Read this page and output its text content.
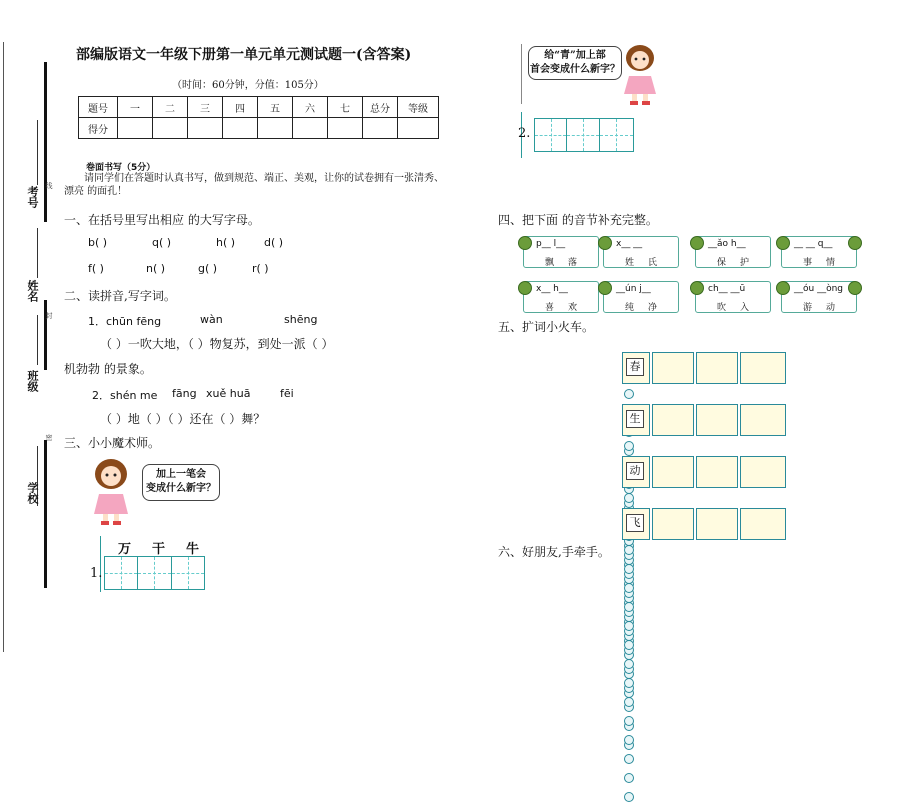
考号
姓名
班级
学校
线
封
密
部编版语文一年级下册第一单元单元测试题一(含答案)
（时间：60分钟，分值：105分）
题号	一	二	三	四	五	六	七	总分	等级
得分									
卷面书写（5分）
请同学们在答题时认真书写，做到规范、端正、美观，让你的试卷拥有一张清秀、漂亮 的面孔！
一、在括号里写出相应 的大写字母。
b( )	q( )	h( )	d( )
f( )	n( )	g( )	r( )
二、读拼音,写字词。
1．chūn fēng	wàn	shēng
（ ）一吹大地，（ ）物复苏，到处一派（ ）
机勃勃 的景象。
2．shén me fāng xuě huā	fēi
（ ）地（ ）（ ）还在（ ）舞？
三、小小魔术师。
加上一笔会
变成什么新字？
万 干 牛
1.
给“青”加上部
首会变成什么新字？
2.
四、把下面 的音节补充完整。
p__ l__
飘落
x__ __
姓氏
__ǎo h__
保护
__ __ q__
事情
x__ h__
喜欢
__ún j__
纯净
ch__ __ū
吹入
__óu __òng
游动
五、扩词小火车。
春
生
动
飞
六、好朋友,手牵手。
